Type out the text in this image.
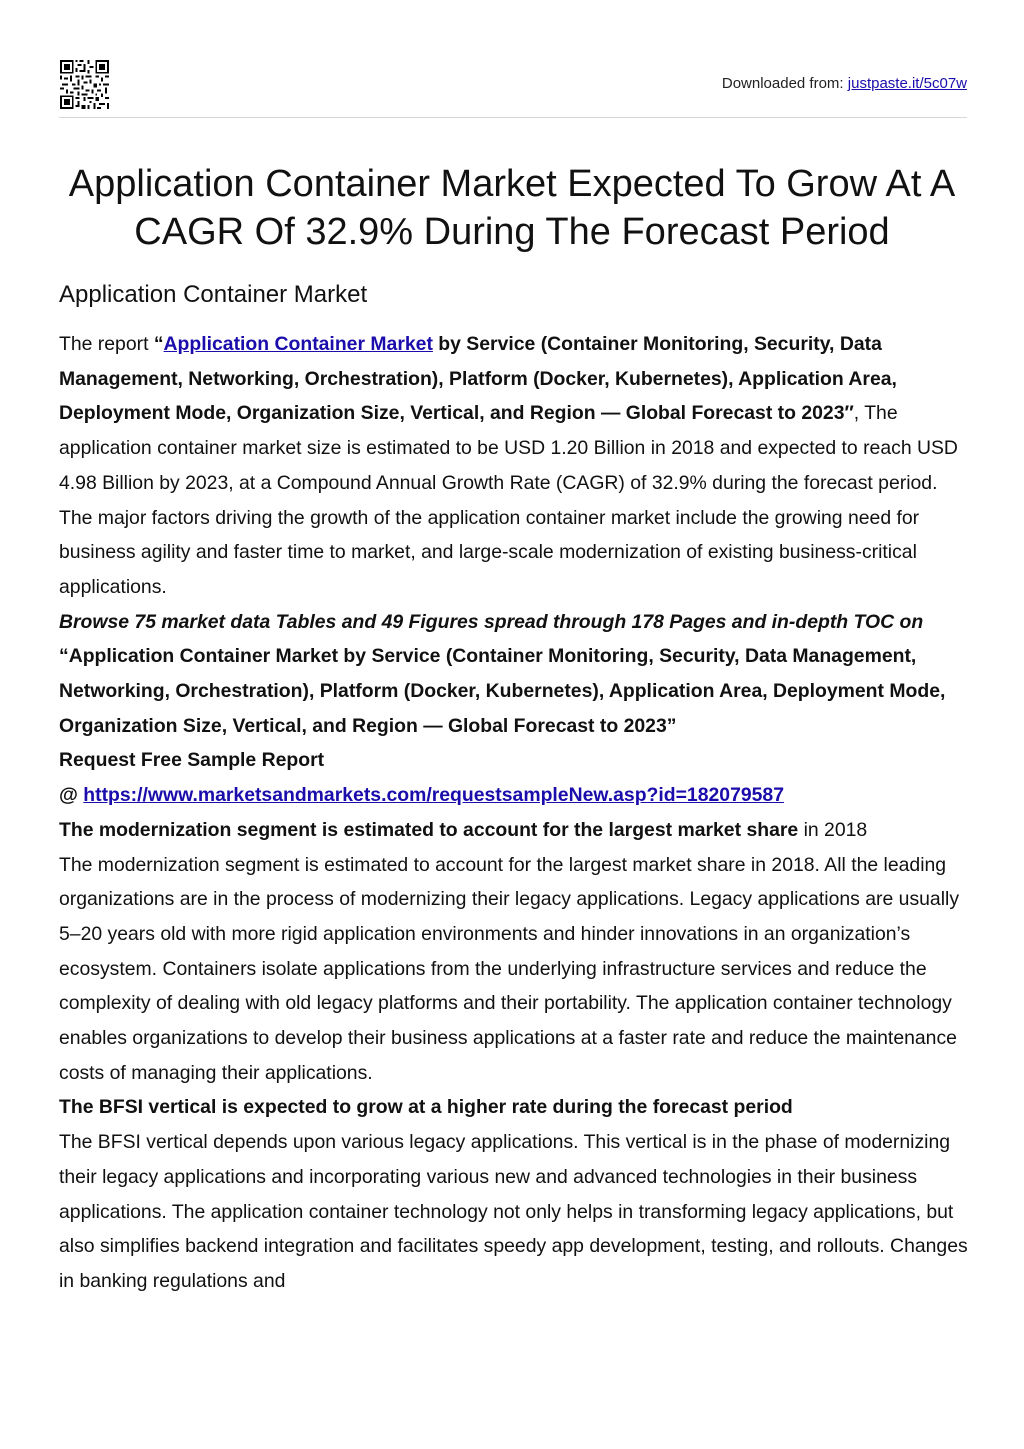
Downloaded from: justpaste.it/5c07w
Application Container Market Expected To Grow At A CAGR Of 32.9% During The Forecast Period
Application Container Market

The report “Application Container Market by Service (Container Monitoring, Security, Data Management, Networking, Orchestration), Platform (Docker, Kubernetes), Application Area, Deployment Mode, Organization Size, Vertical, and Region — Global Forecast to 2023″, The application container market size is estimated to be USD 1.20 Billion in 2018 and expected to reach USD 4.98 Billion by 2023, at a Compound Annual Growth Rate (CAGR) of 32.9% during the forecast period. The major factors driving the growth of the application container market include the growing need for business agility and faster time to market, and large-scale modernization of existing business-critical applications.

Browse 75 market data Tables and 49 Figures spread through 178 Pages and in-depth TOC on “Application Container Market by Service (Container Monitoring, Security, Data Management, Networking, Orchestration), Platform (Docker, Kubernetes), Application Area, Deployment Mode, Organization Size, Vertical, and Region — Global Forecast to 2023”

Request Free Sample Report

@ https://www.marketsandmarkets.com/requestsampleNew.asp?id=182079587

The modernization segment is estimated to account for the largest market share in 2018

The modernization segment is estimated to account for the largest market share in 2018. All the leading organizations are in the process of modernizing their legacy applications. Legacy applications are usually 5–20 years old with more rigid application environments and hinder innovations in an organization’s ecosystem. Containers isolate applications from the underlying infrastructure services and reduce the complexity of dealing with old legacy platforms and their portability. The application container technology enables organizations to develop their business applications at a faster rate and reduce the maintenance costs of managing their applications.

The BFSI vertical is expected to grow at a higher rate during the forecast period

The BFSI vertical depends upon various legacy applications. This vertical is in the phase of modernizing their legacy applications and incorporating various new and advanced technologies in their business applications. The application container technology not only helps in transforming legacy applications, but also simplifies backend integration and facilitates speedy app development, testing, and rollouts. Changes in banking regulations and
